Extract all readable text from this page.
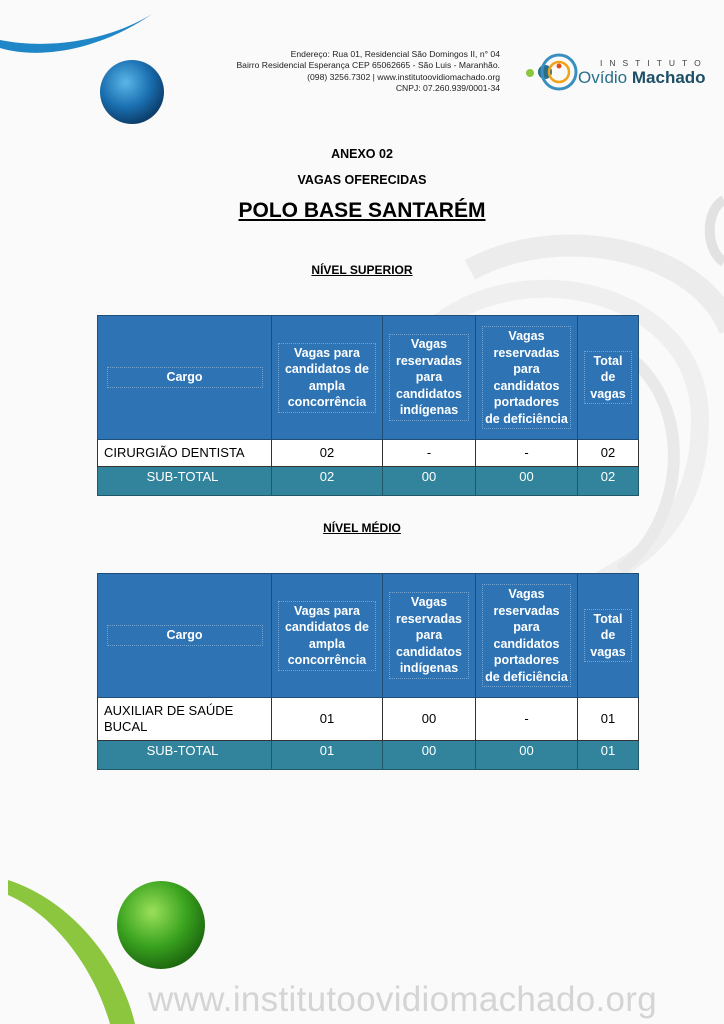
Endereço: Rua 01, Residencial São Domingos II, n° 04
Bairro Residencial Esperança CEP 65062665 - São Luis - Maranhão.
(098) 3256.7302 | www.institutoovidiomachado.org
CNPJ: 07.260.939/0001-34
INSTITUTO
Ovídio Machado
ANEXO 02
VAGAS OFERECIDAS
POLO BASE SANTARÉM
NÍVEL SUPERIOR
Cargo	Vagas para candidatos de ampla concorrência	Vagas reservadas para candidatos indígenas	Vagas reservadas para candidatos portadores de deficiência	Total de vagas
CIRURGIÃO DENTISTA	02	-	-	02
SUB-TOTAL	02	00	00	02
NÍVEL MÉDIO
Cargo	Vagas para candidatos de ampla concorrência	Vagas reservadas para candidatos indígenas	Vagas reservadas para candidatos portadores de deficiência	Total de vagas
AUXILIAR DE SAÚDE BUCAL	01	00	-	01
SUB-TOTAL	01	00	00	01
www.institutoovidiomachado.org
